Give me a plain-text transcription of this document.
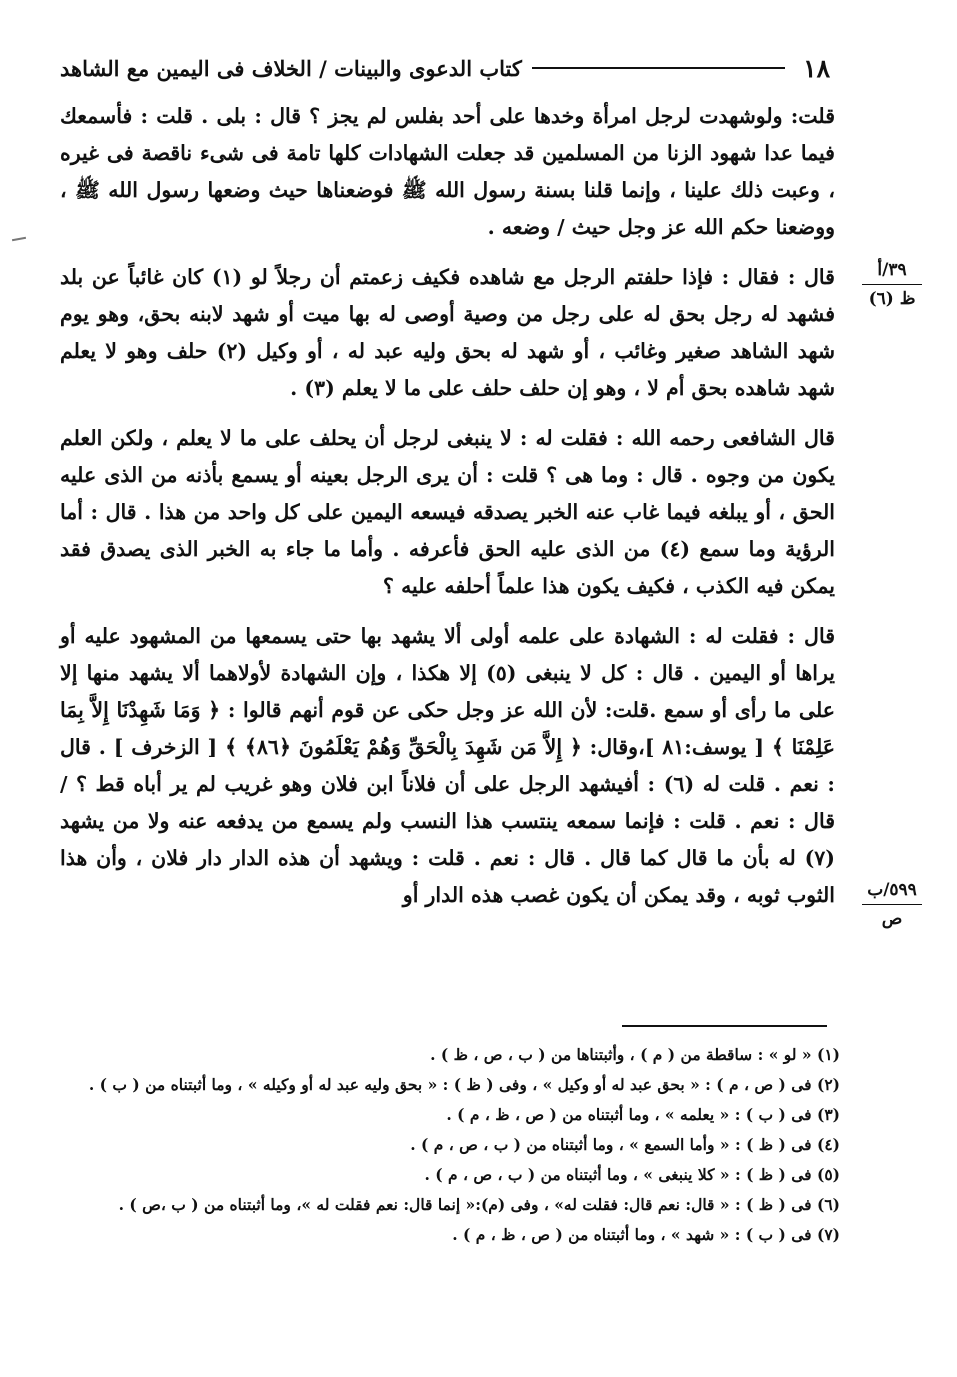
١٨
كتاب الدعوى والبينات / الخلاف فى اليمين مع الشاهد
٣٩/أ
ظ (٦)
٥٩٩/ب
ص

قلت: ولوشهدت لرجل امرأة وخدها على أحد بفلس لم يجز ؟ قال : بلى . قلت : فأسمعك فيما عدا شهود الزنا من المسلمين قد جعلت الشهادات كلها تامة فى شىء ناقصة فى غيره ، وعبت ذلك علينا ، وإنما قلنا بسنة رسول الله ﷺ فوضعناها حيث وضعها رسول الله ﷺ ، ووضعنا حكم الله عز وجل حيث / وضعه .

قال : فقال : فإذا حلفتم الرجل مع شاهده فكيف زعمتم أن رجلاً لو (١) كان غائباً عن بلد فشهد له رجل بحق له على رجل من وصية أوصى له بها ميت أو شهد لابنه بحق، وهو يوم شهد الشاهد صغير وغائب ، أو شهد له بحق وليه عبد له ، أو وكيل (٢) حلف وهو لا يعلم شهد شاهده بحق أم لا ، وهو إن حلف حلف على ما لا يعلم (٣) .

قال الشافعى رحمه الله : فقلت له : لا ينبغى لرجل أن يحلف على ما لا يعلم ، ولكن العلم يكون من وجوه . قال : وما هى ؟ قلت : أن يرى الرجل بعينه أو يسمع بأذنه من الذى عليه الحق ، أو يبلغه فيما غاب عنه الخبر يصدقه فيسعه اليمين على كل واحد من هذا . قال : أما الرؤية وما سمع (٤) من الذى عليه الحق فأعرفه . وأما ما جاء به الخبر الذى يصدق فقد يمكن فيه الكذب ، فكيف يكون هذا علماً أحلفه عليه ؟

قال : فقلت له : الشهادة على علمه أولى ألا يشهد بها حتى يسمعها من المشهود عليه أو يراها أو اليمين . قال : كل لا ينبغى (٥) إلا هكذا ، وإن الشهادة لأولاهما ألا يشهد منها إلا على ما رأى أو سمع .قلت: لأن الله عز وجل حكى عن قوم أنهم قالوا : ﴿ وَمَا شَهِدْنَا إِلاَّ بِمَا عَلِمْنَا ﴾ [ يوسف:٨١ ]،وقال: ﴿ إِلاَّ مَن شَهِدَ بِالْحَقِّ وَهُمْ يَعْلَمُونَ ﴿٨٦﴾ ﴾ [ الزخرف ] . قال : نعم . قلت له (٦) : أفيشهد الرجل على أن فلاناً ابن فلان وهو غريب لم ير أباه قط ؟ / قال : نعم . قلت : فإنما سمعه ينتسب هذا النسب ولم يسمع من يدفعه عنه ولا من يشهد (٧) له بأن ما قال كما قال . قال : نعم . قلت : ويشهد أن هذه الدار دار فلان ، وأن هذا الثوب ثوبه ، وقد يمكن أن يكون غصب هذه الدار أو

(١) « لو » : ساقطة من ( م ) ، وأثبتناها من ( ب ، ص ، ظ ) .

(٢) فى ( ص ، م ) : « بحق عبد له أو وكيل » ، وفى ( ظ ) : « بحق وليه عبد له أو وكيله » ، وما أثبتناه من ( ب ) .

(٣) فى ( ب ) : « يعلمه » ، وما أثبتناه من ( ص ، ظ ، م ) .

(٤) فى ( ظ ) : « وأما السمع » ، وما أثبتناه من ( ب ، ص ، م ) .

(٥) فى ( ظ ) : « كلا ينبغى » ، وما أثبتناه من ( ب ، ص ، م ) .

(٦) فى ( ظ ) : « قال: نعم قال: فقلت له» ، وفى (م):« إنما قال: نعم فقلت له »، وما أثبتناه من ( ب ،ص ) .

(٧) فى ( ب ) : « شهد » ، وما أثبتناه من ( ص ، ظ ، م ) .
